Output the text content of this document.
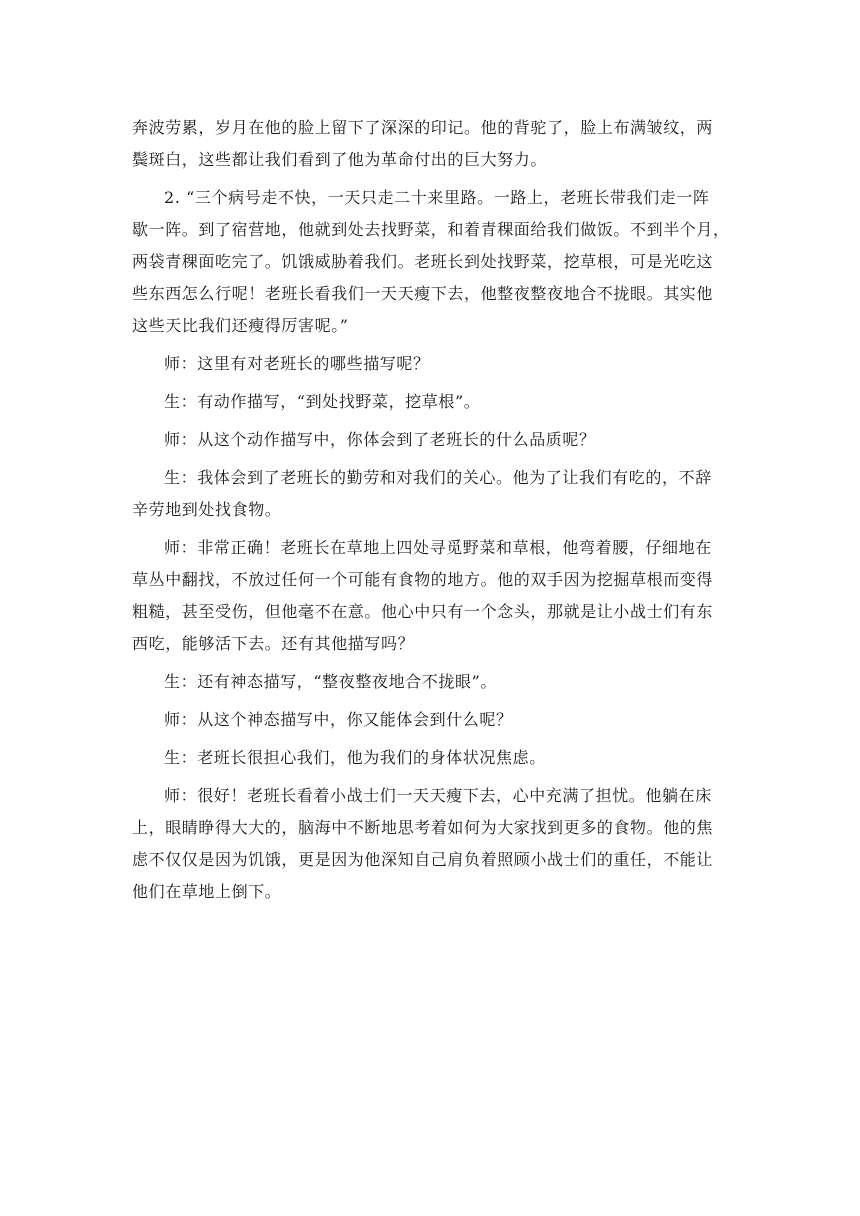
奔波劳累，岁月在他的脸上留下了深深的印记。他的背驼了，脸上布满皱纹，两
鬓斑白，这些都让我们看到了他为革命付出的巨大努力。

2. “三个病号走不快，一天只走二十来里路。一路上，老班长带我们走一阵
歇一阵。到了宿营地，他就到处去找野菜，和着青稞面给我们做饭。不到半个月，
两袋青稞面吃完了。饥饿威胁着我们。老班长到处找野菜，挖草根，可是光吃这
些东西怎么行呢！老班长看我们一天天瘦下去，他整夜整夜地合不拢眼。其实他
这些天比我们还瘦得厉害呢。”

师：这里有对老班长的哪些描写呢？

生：有动作描写，“到处找野菜，挖草根”。

师：从这个动作描写中，你体会到了老班长的什么品质呢？

生：我体会到了老班长的勤劳和对我们的关心。他为了让我们有吃的，不辞
辛劳地到处找食物。

师：非常正确！老班长在草地上四处寻觅野菜和草根，他弯着腰，仔细地在
草丛中翻找，不放过任何一个可能有食物的地方。他的双手因为挖掘草根而变得
粗糙，甚至受伤，但他毫不在意。他心中只有一个念头，那就是让小战士们有东
西吃，能够活下去。还有其他描写吗？

生：还有神态描写，“整夜整夜地合不拢眼”。

师：从这个神态描写中，你又能体会到什么呢？

生：老班长很担心我们，他为我们的身体状况焦虑。

师：很好！老班长看着小战士们一天天瘦下去，心中充满了担忧。他躺在床
上，眼睛睁得大大的，脑海中不断地思考着如何为大家找到更多的食物。他的焦
虑不仅仅是因为饥饿，更是因为他深知自己肩负着照顾小战士们的重任，不能让
他们在草地上倒下。
